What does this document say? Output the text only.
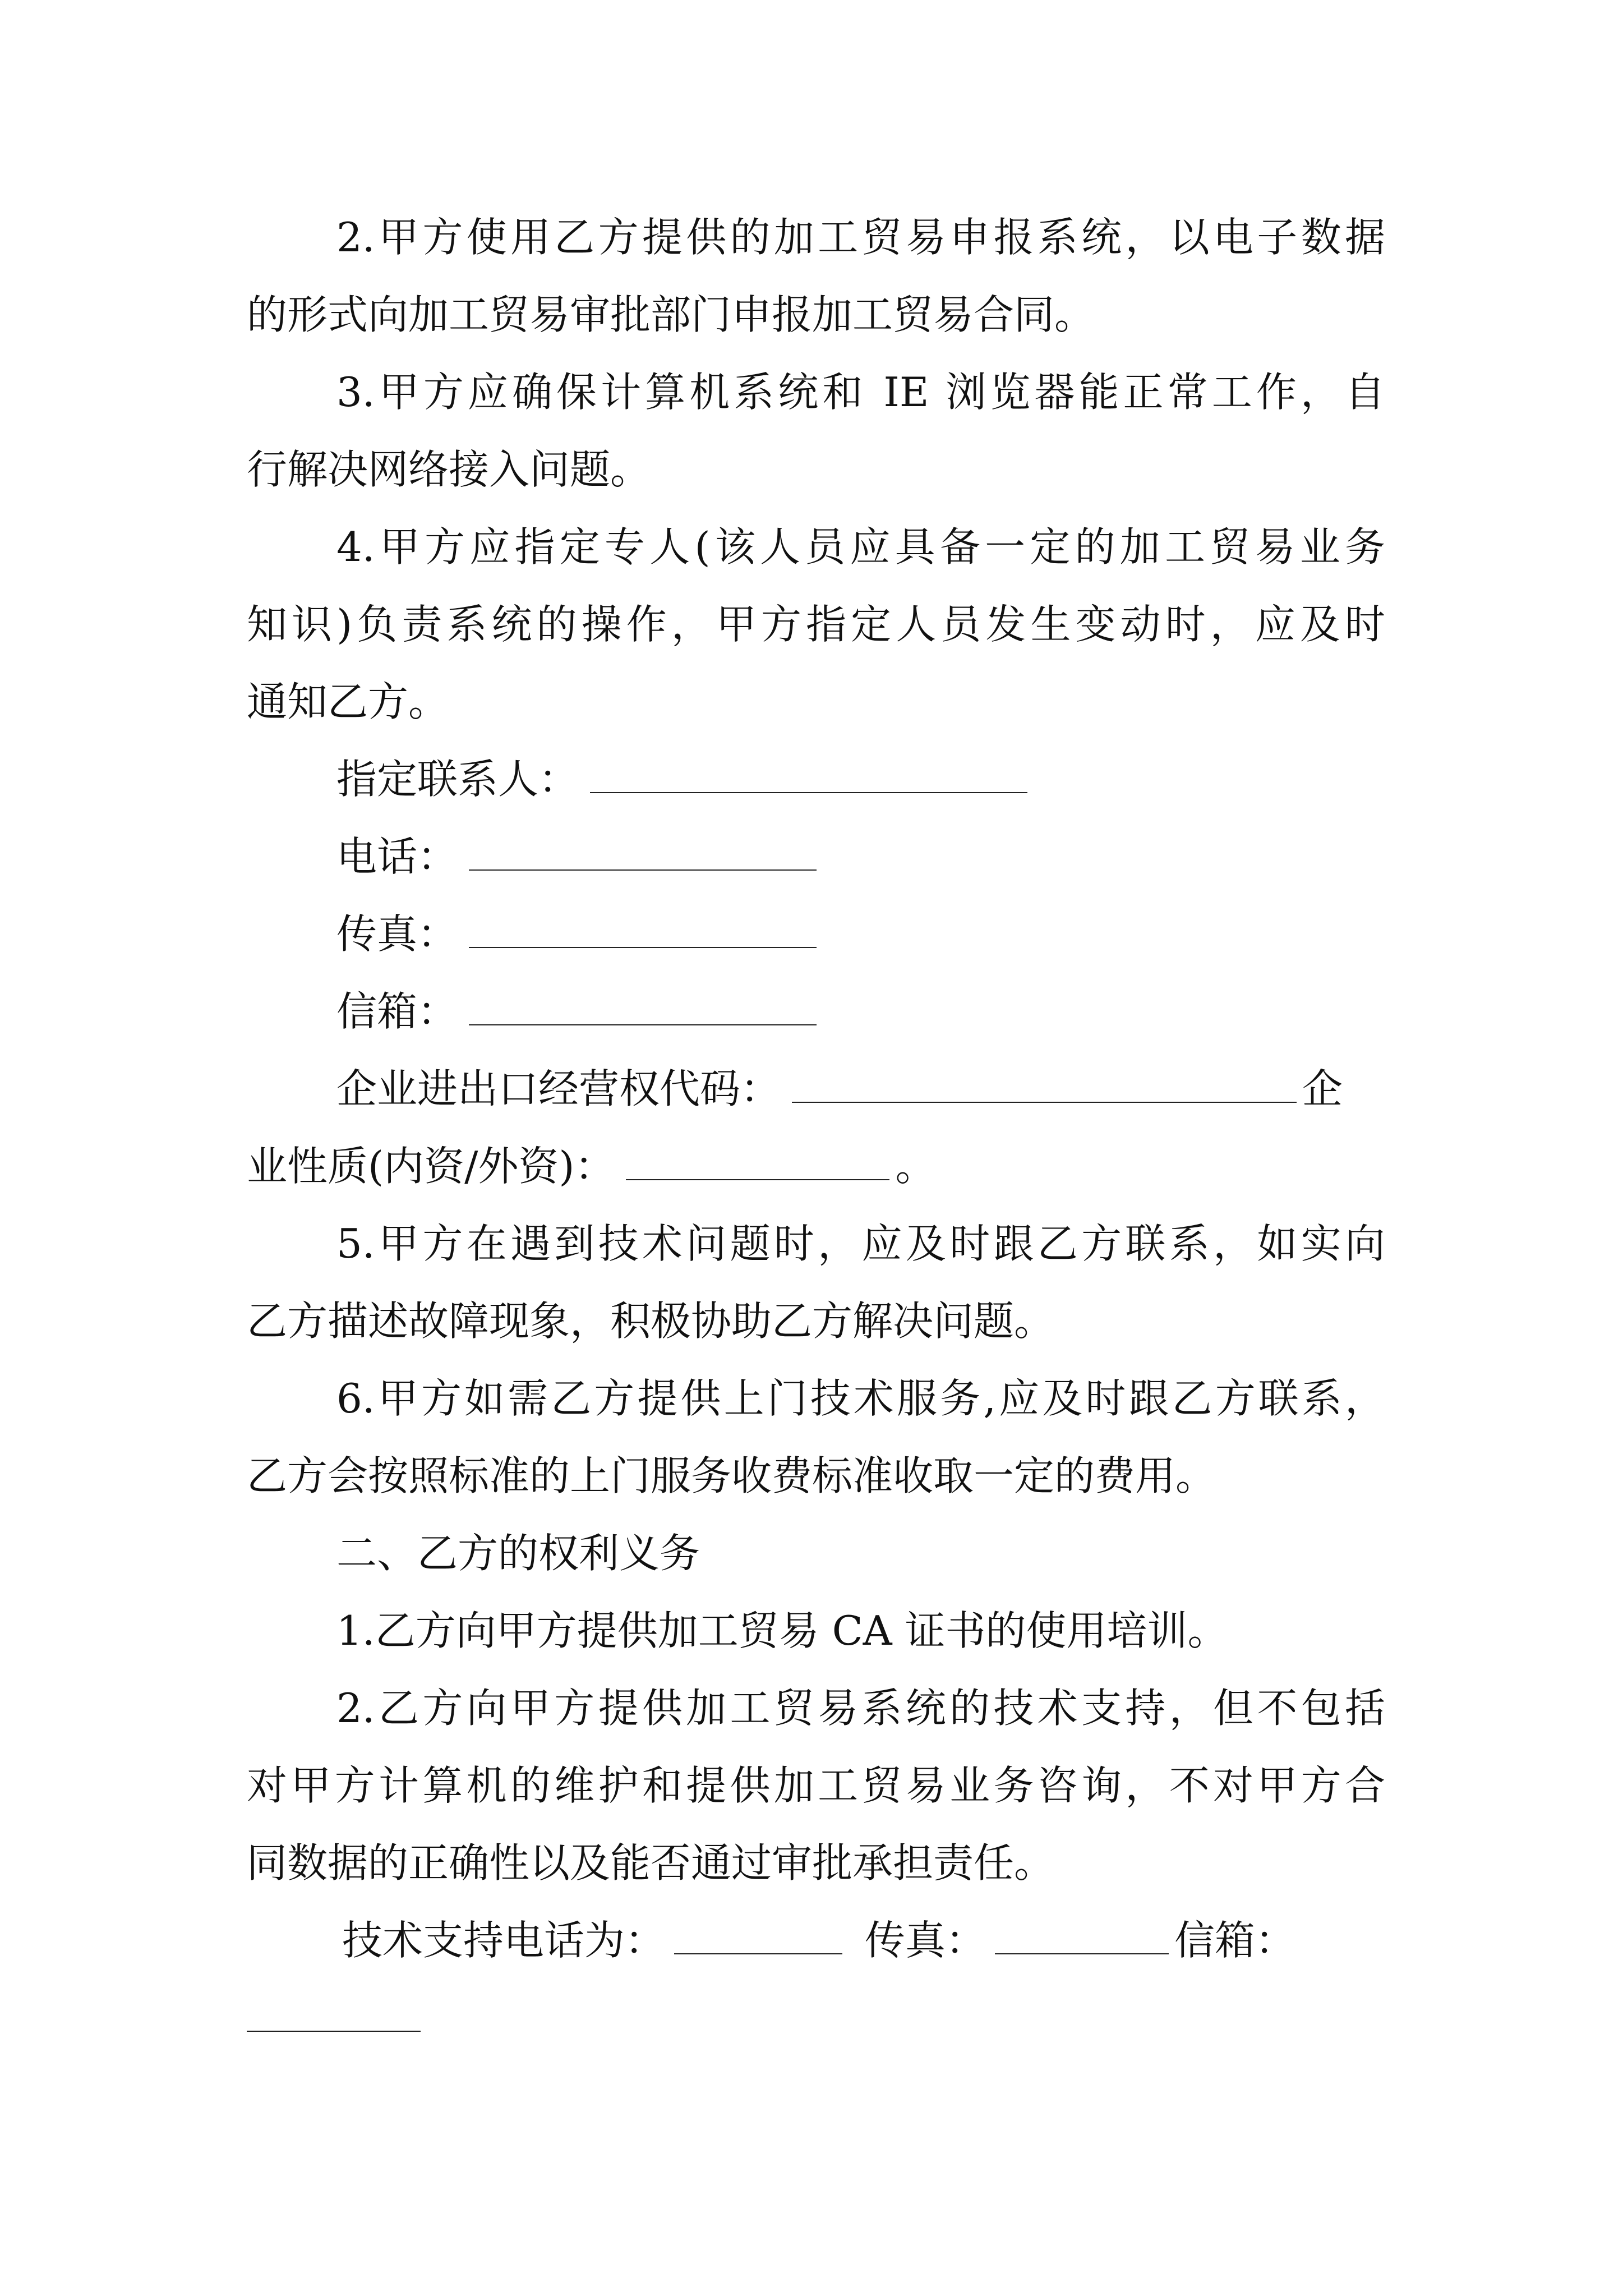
2.甲方使用乙方提供的加工贸易申报系统，以电子数据
的形式向加工贸易审批部门申报加工贸易合同。
3.甲方应确保计算机系统和 IE 浏览器能正常工作，自
行解决网络接入问题。
4.甲方应指定专人(该人员应具备一定的加工贸易业务
知识)负责系统的操作，甲方指定人员发生变动时，应及时
通知乙方。
指定联系人：
电话：
传真：
信箱：
企业进出口经营权代码：	企
业性质(内资/外资)：	。
5.甲方在遇到技术问题时，应及时跟乙方联系，如实向
乙方描述故障现象，积极协助乙方解决问题。
6.甲方如需乙方提供上门技术服务,应及时跟乙方联系，
乙方会按照标准的上门服务收费标准收取一定的费用。
二、乙方的权利义务
1.乙方向甲方提供加工贸易 CA 证书的使用培训。
2.乙方向甲方提供加工贸易系统的技术支持，但不包括
对甲方计算机的维护和提供加工贸易业务咨询，不对甲方合
同数据的正确性以及能否通过审批承担责任。
技术支持电话为：	传真：	信箱：
